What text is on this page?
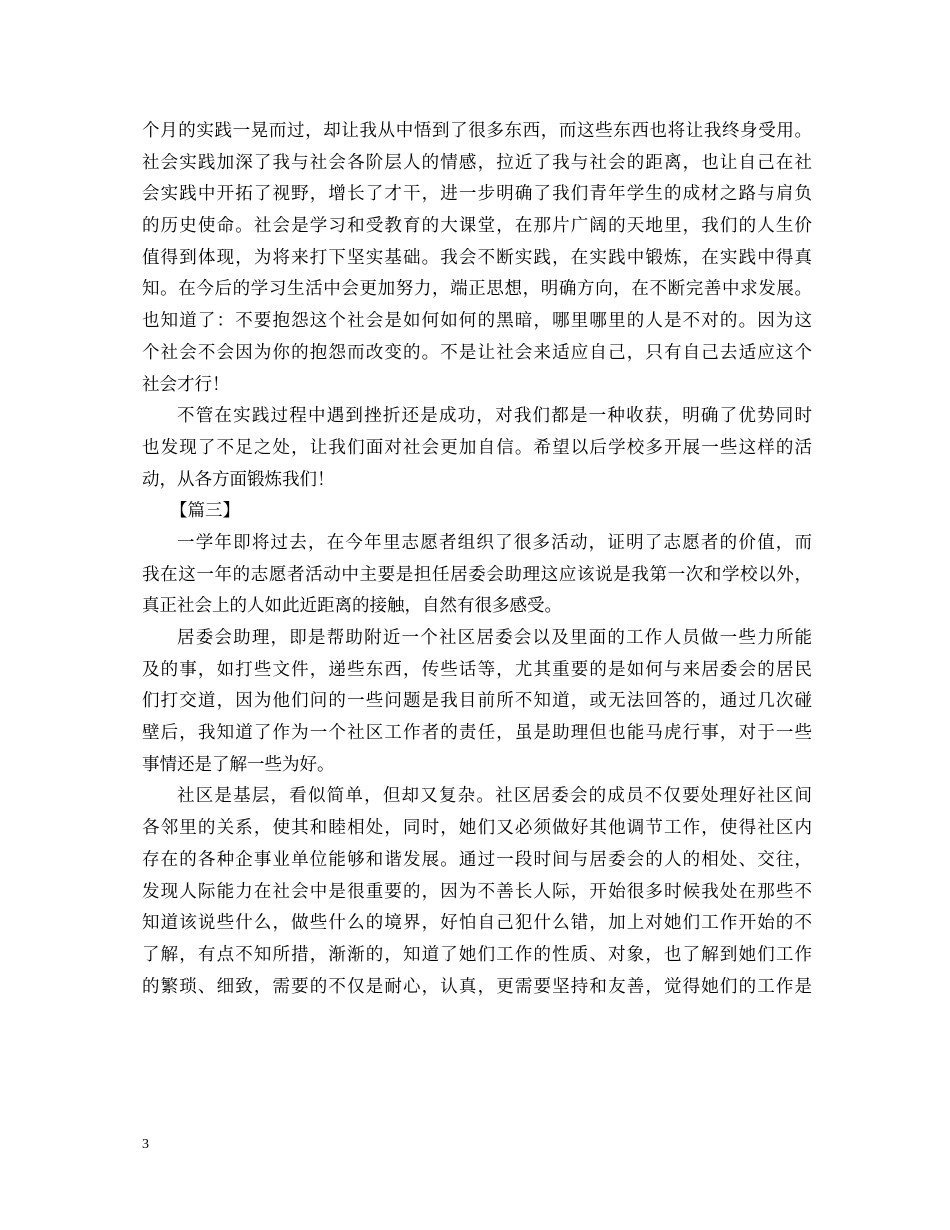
个月的实践一晃而过，却让我从中悟到了很多东西，而这些东西也将让我终身受用。
社会实践加深了我与社会各阶层人的情感，拉近了我与社会的距离，也让自己在社
会实践中开拓了视野，增长了才干，进一步明确了我们青年学生的成材之路与肩负
的历史使命。社会是学习和受教育的大课堂，在那片广阔的天地里，我们的人生价
值得到体现，为将来打下坚实基础。我会不断实践，在实践中锻炼，在实践中得真
知。在今后的学习生活中会更加努力，端正思想，明确方向，在不断完善中求发展。
也知道了：不要抱怨这个社会是如何如何的黑暗，哪里哪里的人是不对的。因为这
个社会不会因为你的抱怨而改变的。不是让社会来适应自己，只有自己去适应这个
社会才行！
不管在实践过程中遇到挫折还是成功，对我们都是一种收获，明确了优势同时
也发现了不足之处，让我们面对社会更加自信。希望以后学校多开展一些这样的活
动，从各方面锻炼我们！
【篇三】
一学年即将过去，在今年里志愿者组织了很多活动，证明了志愿者的价值，而
我在这一年的志愿者活动中主要是担任居委会助理这应该说是我第一次和学校以外，
真正社会上的人如此近距离的接触，自然有很多感受。
居委会助理，即是帮助附近一个社区居委会以及里面的工作人员做一些力所能
及的事，如打些文件，递些东西，传些话等，尤其重要的是如何与来居委会的居民
们打交道，因为他们问的一些问题是我目前所不知道，或无法回答的，通过几次碰
壁后，我知道了作为一个社区工作者的责任，虽是助理但也能马虎行事，对于一些
事情还是了解一些为好。
社区是基层，看似简单，但却又复杂。社区居委会的成员不仅要处理好社区间
各邻里的关系，使其和睦相处，同时，她们又必须做好其他调节工作，使得社区内
存在的各种企事业单位能够和谐发展。通过一段时间与居委会的人的相处、交往，
发现人际能力在社会中是很重要的，因为不善长人际，开始很多时候我处在那些不
知道该说些什么，做些什么的境界，好怕自己犯什么错，加上对她们工作开始的不
了解，有点不知所措，渐渐的，知道了她们工作的性质、对象，也了解到她们工作
的繁琐、细致，需要的不仅是耐心，认真，更需要坚持和友善，觉得她们的工作是
3
